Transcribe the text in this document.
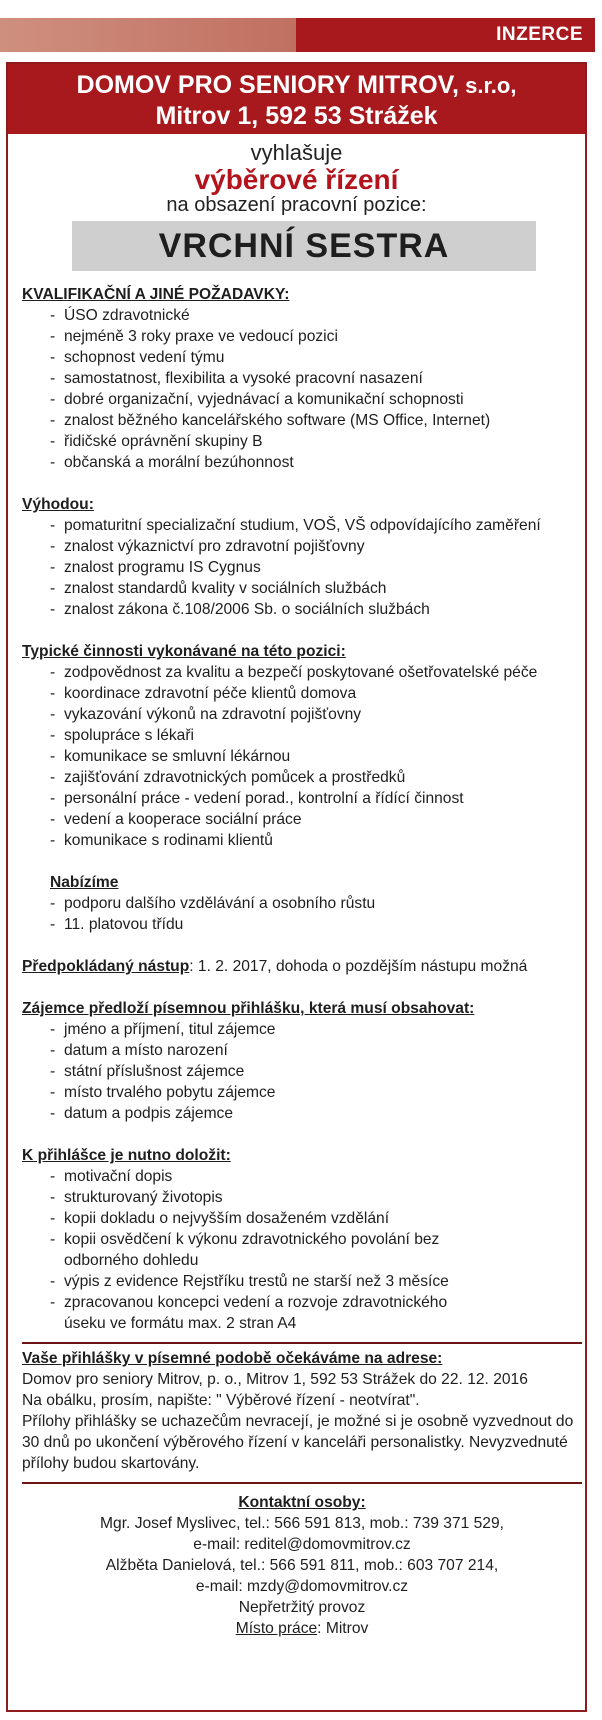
INZERCE
DOMOV PRO SENIORY MITROV, s.r.o,
Mitrov 1, 592 53 Strážek
vyhlašuje
výběrové řízení
na obsazení pracovní pozice:
VRCHNÍ SESTRA
KVALIFIKAČNÍ A JINÉ POŽADAVKY:
- ÚSO zdravotnické
- nejméně 3 roky praxe ve vedoucí pozici
- schopnost vedení týmu
- samostatnost, flexibilita a vysoké pracovní nasazení
- dobré organizační, vyjednávací a komunikační schopnosti
- znalost běžného kancelářského software (MS Office, Internet)
- řidičské oprávnění skupiny B
- občanská a morální bezúhonnost
Výhodou:
- pomaturitní specializační studium, VOŠ, VŠ odpovídajícího zaměření
- znalost výkaznictví pro zdravotní pojišťovny
- znalost programu IS Cygnus
- znalost standardů kvality v sociálních službách
- znalost zákona č.108/2006 Sb. o sociálních službách
Typické činnosti vykonávané na této pozici:
- zodpovědnost za kvalitu a bezpečí poskytované ošetřovatelské péče
- koordinace zdravotní péče klientů domova
- vykazování výkonů na zdravotní pojišťovny
- spolupráce s lékaři
- komunikace se smluvní lékárnou
- zajišťování zdravotnických pomůcek a prostředků
- personální práce - vedení porad., kontrolní a řídící činnost
- vedení a kooperace sociální práce
- komunikace s rodinami klientů
Nabízíme
- podporu dalšího vzdělávání a osobního růstu
- 11. platovou třídu
Předpokládaný nástup: 1. 2. 2017, dohoda o pozdějším nástupu možná
Zájemce předloží písemnou přihlášku, která musí obsahovat:
- jméno a příjmení, titul zájemce
- datum a místo narození
- státní příslušnost zájemce
- místo trvalého pobytu zájemce
- datum a podpis zájemce
K přihlášce je nutno doložit:
- motivační dopis
- strukturovaný životopis
- kopii dokladu o nejvyšším dosaženém vzdělání
- kopii osvědčení k výkonu zdravotnického povolání bez odborného dohledu
- výpis z evidence Rejstříku trestů ne starší než 3 měsíce
- zpracovanou koncepci vedení a rozvoje zdravotnického úseku ve formátu max. 2 stran A4
Vaše přihlášky v písemné podobě očekáváme na adrese:

Domov pro seniory Mitrov, p. o., Mitrov 1, 592 53 Strážek do 22. 12. 2016

Na obálku, prosím, napište: " Výběrové řízení - neotvírat".

Přílohy přihlášky se uchazečům nevracejí, je možné si je osobně vyzvednout do 30 dnů po ukončení výběrového řízení v kanceláři personalistky. Nevyzvednuté přílohy budou skartovány.

Kontaktní osoby:

Mgr. Josef Myslivec, tel.: 566 591 813, mob.: 739 371 529,

e-mail: reditel@domovmitrov.cz

Alžběta Danielová, tel.: 566 591 811, mob.: 603 707 214,

e-mail: mzdy@domovmitrov.cz

Nepřetržitý provoz

Místo práce: Mitrov
